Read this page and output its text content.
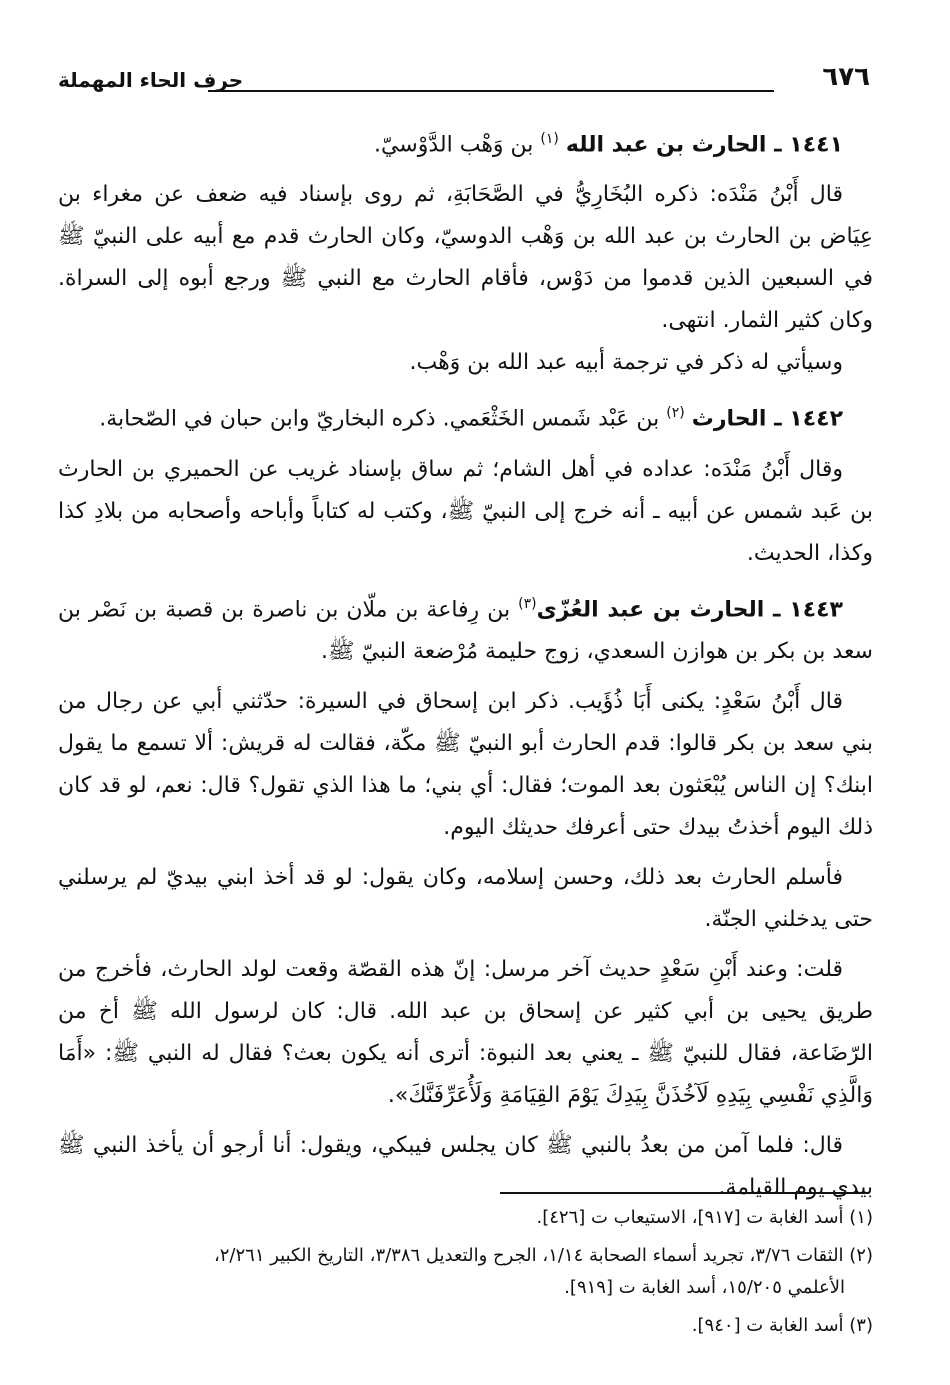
٦٧٦
حرف الحاء المهملة

١٤٤١ ـ الحارث بن عبد الله $^{(١)}$ بن وَهْب الدَّوْسيّ.

قال أَبْنُ مَنْدَه: ذكره البُخَارِيُّ في الصَّحَابَةِ، ثم روى بإسناد فيه ضعف عن مغراء بن عِيَاض بن الحارث بن عبد الله بن وَهْب الدوسيّ، وكان الحارث قدم مع أبيه على النبيّ ﷺ في السبعين الذين قدموا من دَوْس، فأقام الحارث مع النبي ﷺ ورجع أبوه إلى السراة. وكان كثير الثمار. انتهى.

وسيأتي له ذكر في ترجمة أبيه عبد الله بن وَهْب.

١٤٤٢ ـ الحارث $^{(٢)}$ بن عَبْد شَمس الخَثْعَمي. ذكره البخاريّ وابن حبان في الصّحابة.

وقال أَبْنُ مَنْدَه: عداده في أهل الشام؛ ثم ساق بإسناد غريب عن الحميري بن الحارث بن عَبد شمس عن أبيه ـ أنه خرج إلى النبيّ ﷺ، وكتب له كتاباً وأباحه وأصحابه من بلادِ كذا وكذا، الحديث.

١٤٤٣ ـ الحارث بن عبد العُزّى$^{(٣)}$ بن رِفاعة بن ملّان بن ناصرة بن قصبة بن نَصْر بن سعد بن بكر بن هوازن السعدي، زوج حليمة مُرْضعة النبيّ ﷺ.

قال أَبْنُ سَعْدٍ: يكنى أَبَا ذُؤَيب. ذكر ابن إسحاق في السيرة: حدّثني أبي عن رجال من بني سعد بن بكر قالوا: قدم الحارث أبو النبيّ ﷺ مكّة، فقالت له قريش: ألا تسمع ما يقول ابنك؟ إن الناس يُبْعَثون بعد الموت؛ فقال: أي بني؛ ما هذا الذي تقول؟ قال: نعم، لو قد كان ذلك اليوم أخذتُ بيدك حتى أعرفك حديثك اليوم.

فأسلم الحارث بعد ذلك، وحسن إسلامه، وكان يقول: لو قد أخذ ابني بيديّ لم يرسلني حتى يدخلني الجنّة.

قلت: وعند أَبْنِ سَعْدٍ حديث آخر مرسل: إنّ هذه القصّة وقعت لولد الحارث، فأخرج من طريق يحيى بن أبي كثير عن إسحاق بن عبد الله. قال: كان لرسول الله ﷺ أخ من الرّضَاعة، فقال للنبيّ ﷺ ـ يعني بعد النبوة: أترى أنه يكون بعث؟ فقال له النبي ﷺ: «أَمَا وَالَّذِي نَفْسِي بِيَدِهِ لَآخُذَنَّ بِيَدِكَ يَوْمَ القِيَامَةِ وَلَأُعَرِّفَنَّكَ».

قال: فلما آمن من بعدُ بالنبي ﷺ كان يجلس فيبكي، ويقول: أنا أرجو أن يأخذ النبي ﷺ بيدي يوم القيامة.

(١) أسد الغابة ت [٩١٧]، الاستيعاب ت [٤٢٦].

(٢) الثقات ٣/٧٦، تجريد أسماء الصحابة ١/١٤، الجرح والتعديل ٣/٣٨٦، التاريخ الكبير ٢/٢٦١،

الأعلمي ١٥/٢٠٥، أسد الغابة ت [٩١٩].

(٣) أسد الغابة ت [٩٤٠].
